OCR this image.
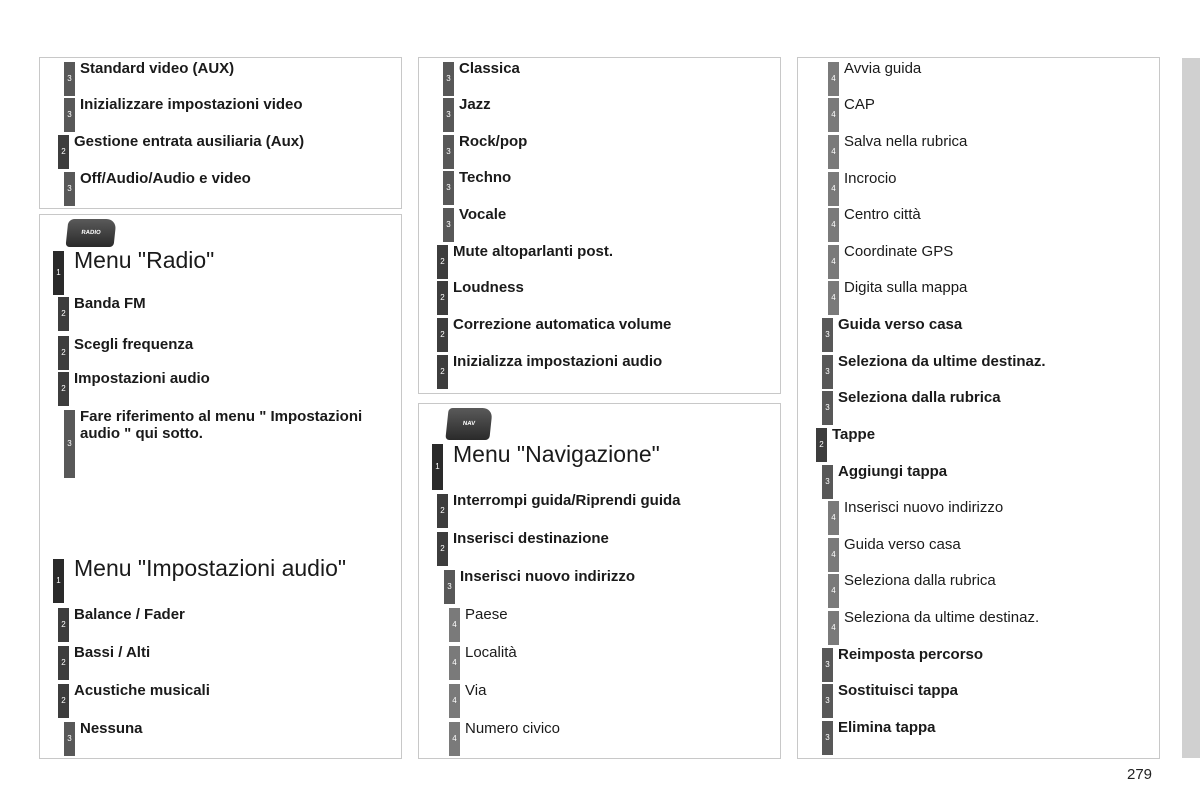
3
Standard video (AUX)
3
Inizializzare impostazioni video
2
Gestione entrata ausiliaria (Aux)
3
Off/Audio/Audio e video
RADIO
1 Menu "Radio"
2
Banda FM
2 Scegli frequenza
2
Impostazioni audio
3
Fare riferimento al menu " Impostazioni audio " qui sotto.
1 Menu "Impostazioni audio"
2
Balance / Fader
2
Bassi / Alti
2
Acustiche musicali
3
Nessuna
3
Classica
3
Jazz
3
Rock/pop
3
Techno
3
Vocale
2
Mute altoparlanti post.
2
Loudness
2
Correzione automatica volume
2
Inizializza impostazioni audio
NAV
1 Menu "Navigazione"
2
Interrompi guida/Riprendi guida
2
Inserisci destinazione
3
Inserisci nuovo indirizzo
4
Paese
4
Località
4
Via
4
Numero civico
4
Avvia guida
4
CAP
4
Salva nella rubrica
4
Incrocio
4
Centro città
4
Coordinate GPS
4
Digita sulla mappa
3
Guida verso casa
3
Seleziona da ultime destinaz.
3
Seleziona dalla rubrica
2
Tappe
3
Aggiungi tappa
4
Inserisci nuovo indirizzo
4
Guida verso casa
4
Seleziona dalla rubrica
4
Seleziona da ultime destinaz.
3
Reimposta percorso
3
Sostituisci tappa
3
Elimina tappa
279
